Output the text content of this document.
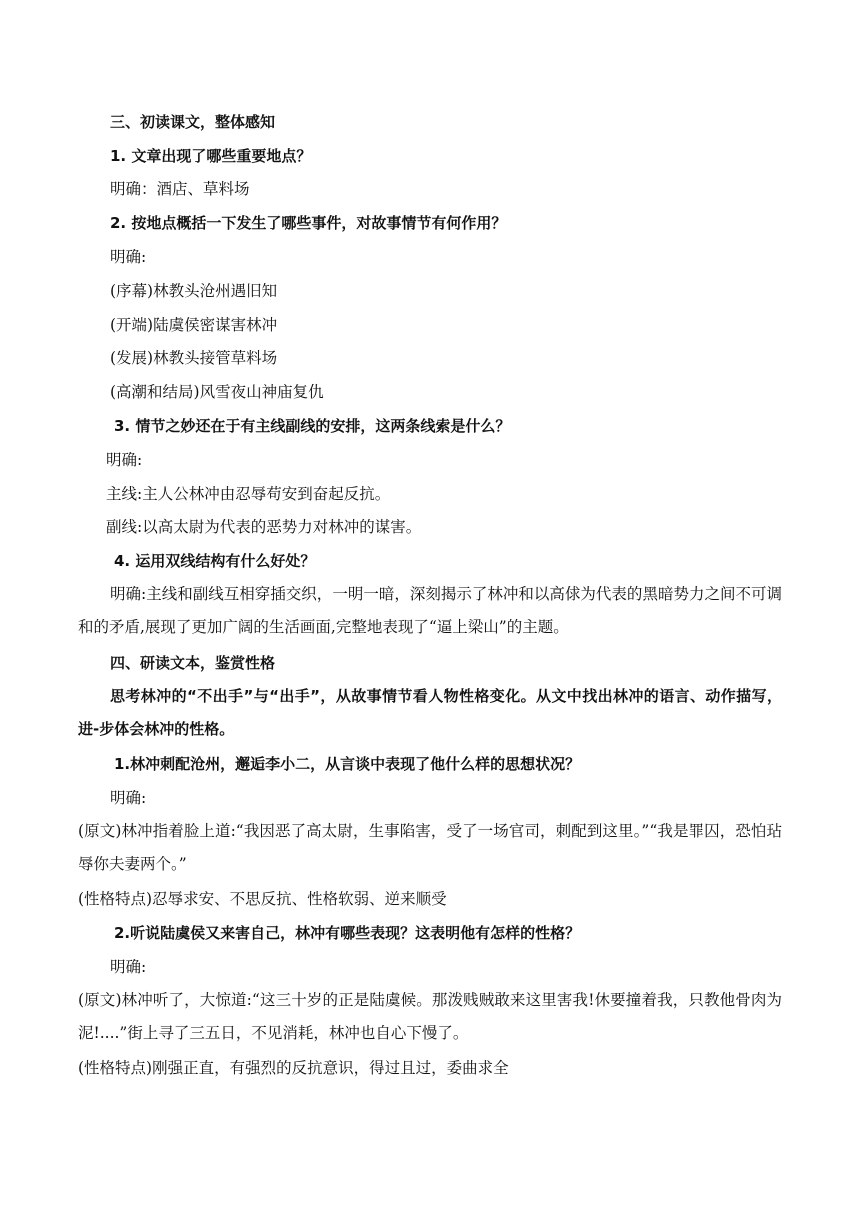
三、初读课文，整体感知
1. 文章出现了哪些重要地点？
明确：酒店、草料场
2. 按地点概括一下发生了哪些事件，对故事情节有何作用？
明确:
(序幕)林教头沧州遇旧知
(开端)陆虞侯密谋害林冲
(发展)林教头接管草料场
(高潮和结局)风雪夜山神庙复仇
3. 情节之妙还在于有主线副线的安排，这两条线索是什么？
明确:
主线:主人公林冲由忍辱苟安到奋起反抗。
副线:以高太尉为代表的恶势力对林冲的谋害。
4. 运用双线结构有什么好处？
明确:主线和副线互相穿插交织，一明一暗，深刻揭示了林冲和以高俅为代表的黑暗势力之间不可调和的矛盾,展现了更加广阔的生活画面,完整地表现了“逼上梁山”的主题。
四、研读文本，鉴赏性格
思考林冲的“不出手”与“出手”，从故事情节看人物性格变化。从文中找出林冲的语言、动作描写，进-步体会林冲的性格。
1.林冲刺配沧州，邂逅李小二，从言谈中表现了他什么样的思想状况？
明确:
(原文)林冲指着脸上道:“我因恶了高太尉，生事陷害，受了一场官司，刺配到这里。”“我是罪囚，恐怕玷辱你夫妻两个。”
(性格特点)忍辱求安、不思反抗、性格软弱、逆来顺受
2.听说陆虞侯又来害自己，林冲有哪些表现？这表明他有怎样的性格？
明确:
(原文)林冲听了，大惊道:“这三十岁的正是陆虞候。那泼贱贼敢来这里害我!休要撞着我，只教他骨肉为泥!....”街上寻了三五日，不见消耗，林冲也自心下慢了。
(性格特点)刚强正直，有强烈的反抗意识，得过且过，委曲求全
